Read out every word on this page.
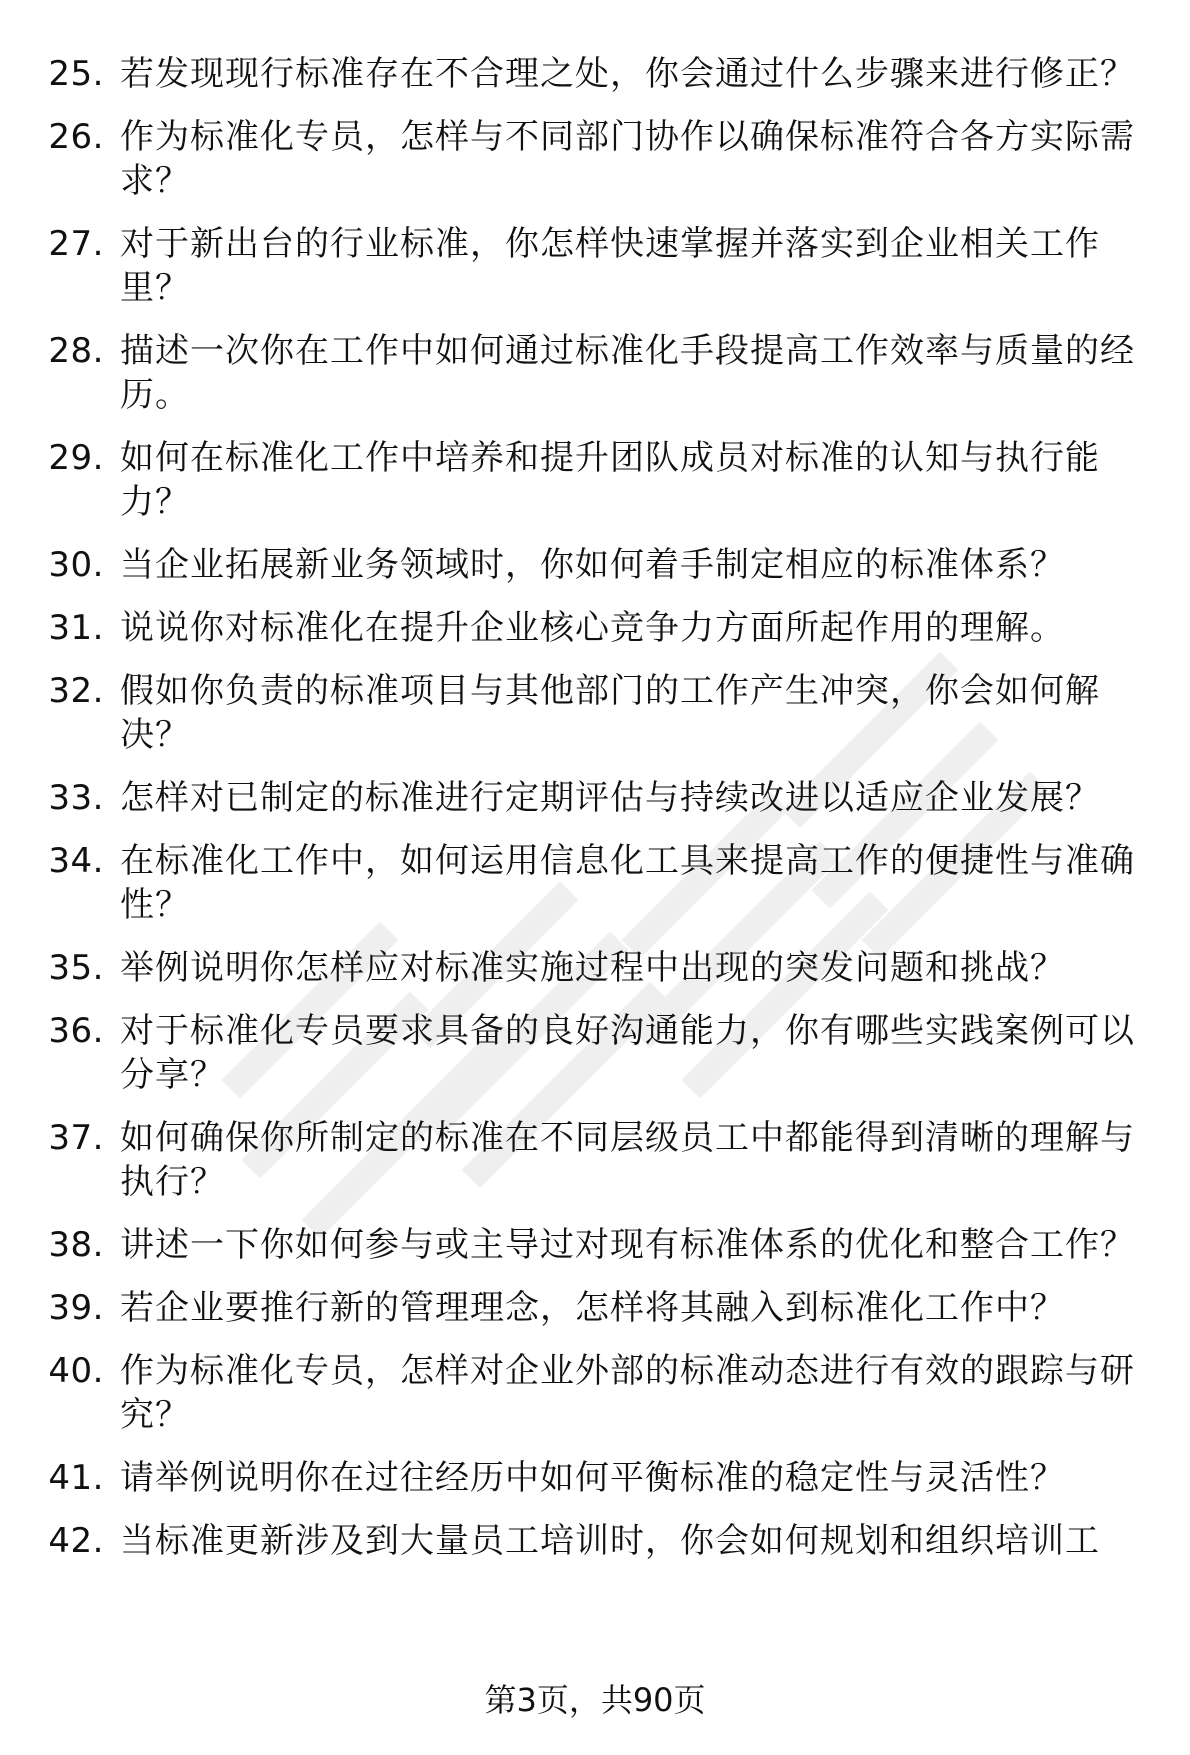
25. 若发现现行标准存在不合理之处，你会通过什么步骤来进行修正？
26. 作为标准化专员，怎样与不同部门协作以确保标准符合各方实际需求？
27. 对于新出台的行业标准，你怎样快速掌握并落实到企业相关工作里？
28. 描述一次你在工作中如何通过标准化手段提高工作效率与质量的经历。
29. 如何在标准化工作中培养和提升团队成员对标准的认知与执行能力？
30. 当企业拓展新业务领域时，你如何着手制定相应的标准体系？
31. 说说你对标准化在提升企业核心竞争力方面所起作用的理解。
32. 假如你负责的标准项目与其他部门的工作产生冲突，你会如何解决？
33. 怎样对已制定的标准进行定期评估与持续改进以适应企业发展？
34. 在标准化工作中，如何运用信息化工具来提高工作的便捷性与准确性？
35. 举例说明你怎样应对标准实施过程中出现的突发问题和挑战？
36. 对于标准化专员要求具备的良好沟通能力，你有哪些实践案例可以分享？
37. 如何确保你所制定的标准在不同层级员工中都能得到清晰的理解与执行？
38. 讲述一下你如何参与或主导过对现有标准体系的优化和整合工作？
39. 若企业要推行新的管理理念，怎样将其融入到标准化工作中？
40. 作为标准化专员，怎样对企业外部的标准动态进行有效的跟踪与研究？
41. 请举例说明你在过往经历中如何平衡标准的稳定性与灵活性？
42. 当标准更新涉及到大量员工培训时，你会如何规划和组织培训工
第3页，共90页
